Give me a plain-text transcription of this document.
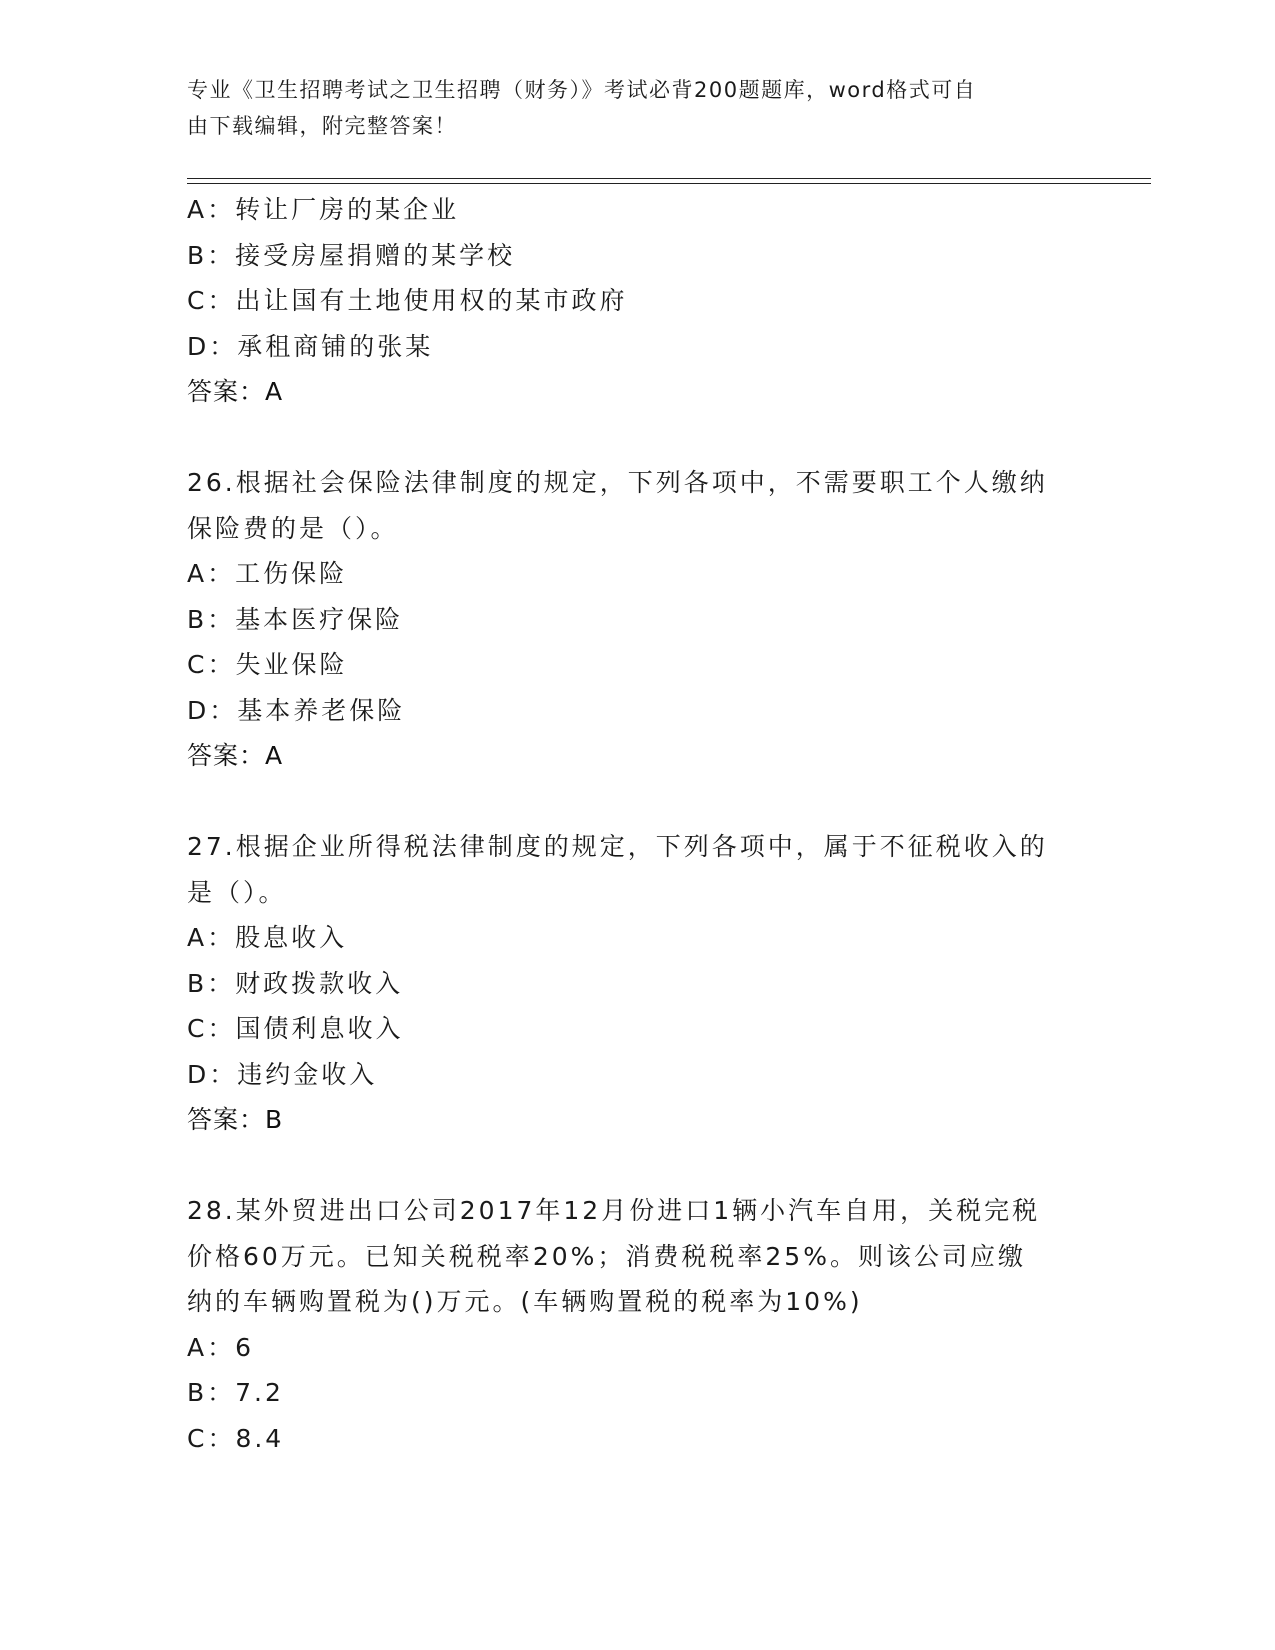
专业《卫生招聘考试之卫生招聘（财务）》考试必背200题题库，word格式可自
由下载编辑，附完整答案！
A：转让厂房的某企业
B：接受房屋捐赠的某学校
C：出让国有土地使用权的某市政府
D：承租商铺的张某
答案：A
26.根据社会保险法律制度的规定，下列各项中，不需要职工个人缴纳
保险费的是（）。
A：工伤保险
B：基本医疗保险
C：失业保险
D：基本养老保险
答案：A
27.根据企业所得税法律制度的规定，下列各项中，属于不征税收入的
是（）。
A：股息收入
B：财政拨款收入
C：国债利息收入
D：违约金收入
答案：B
28.某外贸进出口公司2017年12月份进口1辆小汽车自用，关税完税
价格60万元。已知关税税率20%；消费税税率25%。则该公司应缴
纳的车辆购置税为()万元。(车辆购置税的税率为10%)
A：6
B：7.2
C：8.4
